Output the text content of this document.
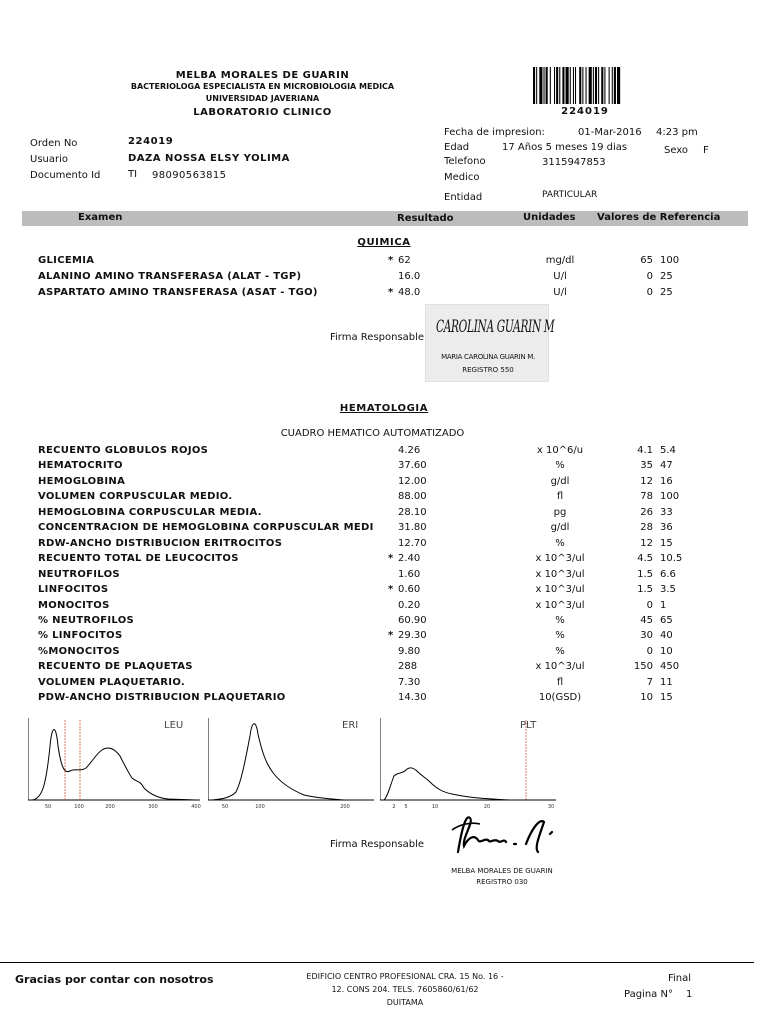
MELBA MORALES DE GUARIN
BACTERIOLOGA ESPECIALISTA EN MICROBIOLOGIA MEDICA
UNIVERSIDAD JAVERIANA
LABORATORIO CLINICO	224019
Orden No	224019
Usuario	DAZA NOSSA ELSY YOLIMA
Documento Id	TI 98090563815
Fecha de impresion:	01-Mar-2016 4:23 pm
Edad	17 Años 5 meses 19 dias	Sexo F
Telefono	3115947853
Medico
Entidad	PARTICULAR
Examen	Resultado	Unidades Valores de Referencia
QUIMICA
GLICEMIA	* 62	mg/dl	65 100
ALANINO AMINO TRANSFERASA (ALAT - TGP)	16.0	U/l	0 25
ASPARTATO AMINO TRANSFERASA (ASAT - TGO)	* 48.0	U/l	0 25
Firma Responsable
CAROLINA GUARIN M
MARIA CAROLINA GUARIN M.
REGISTRO 550
HEMATOLOGIA
CUADRO HEMATICO AUTOMATIZADO
RECUENTO GLOBULOS ROJOS	4.26	x 10^6/u	4.1 5.4
HEMATOCRITO	37.60	%	35 47
HEMOGLOBINA	12.00	g/dl	12 16
VOLUMEN CORPUSCULAR MEDIO.	88.00	fl	78 100
HEMOGLOBINA CORPUSCULAR MEDIA.	28.10	pg	26 33
CONCENTRACION DE HEMOGLOBINA CORPUSCULAR MEDI	31.80	g/dl	28 36
RDW-ANCHO DISTRIBUCION ERITROCITOS	12.70	%	12 15
RECUENTO TOTAL DE LEUCOCITOS	* 2.40	x 10^3/ul	4.5 10.5
NEUTROFILOS	1.60	x 10^3/ul	1.5 6.6
LINFOCITOS	* 0.60	x 10^3/ul	1.5 3.5
MONOCITOS	0.20	x 10^3/ul	0 1
% NEUTROFILOS	60.90	%	45 65
% LINFOCITOS	* 29.30	%	30 40
%MONOCITOS	9.80	%	0 10
RECUENTO DE PLAQUETAS	288	x 10^3/ul	150 450
VOLUMEN PLAQUETARIO.	7.30	fl	7 11
PDW-ANCHO DISTRIBUCION PLAQUETARIO	14.30	10(GSD)	10 15
LEU
50	100	200	300	400
ERI
50	100	200
PLT
2 5	10	20	30
Firma Responsable
MELBA MORALES DE GUARIN
REGISTRO 030
Gracias por contar con nosotros	EDIFICIO CENTRO PROFESIONAL CRA. 15 No. 16 -
12. CONS 204. TELS. 7605860/61/62
DUITAMA
Final
Pagina N° 1
